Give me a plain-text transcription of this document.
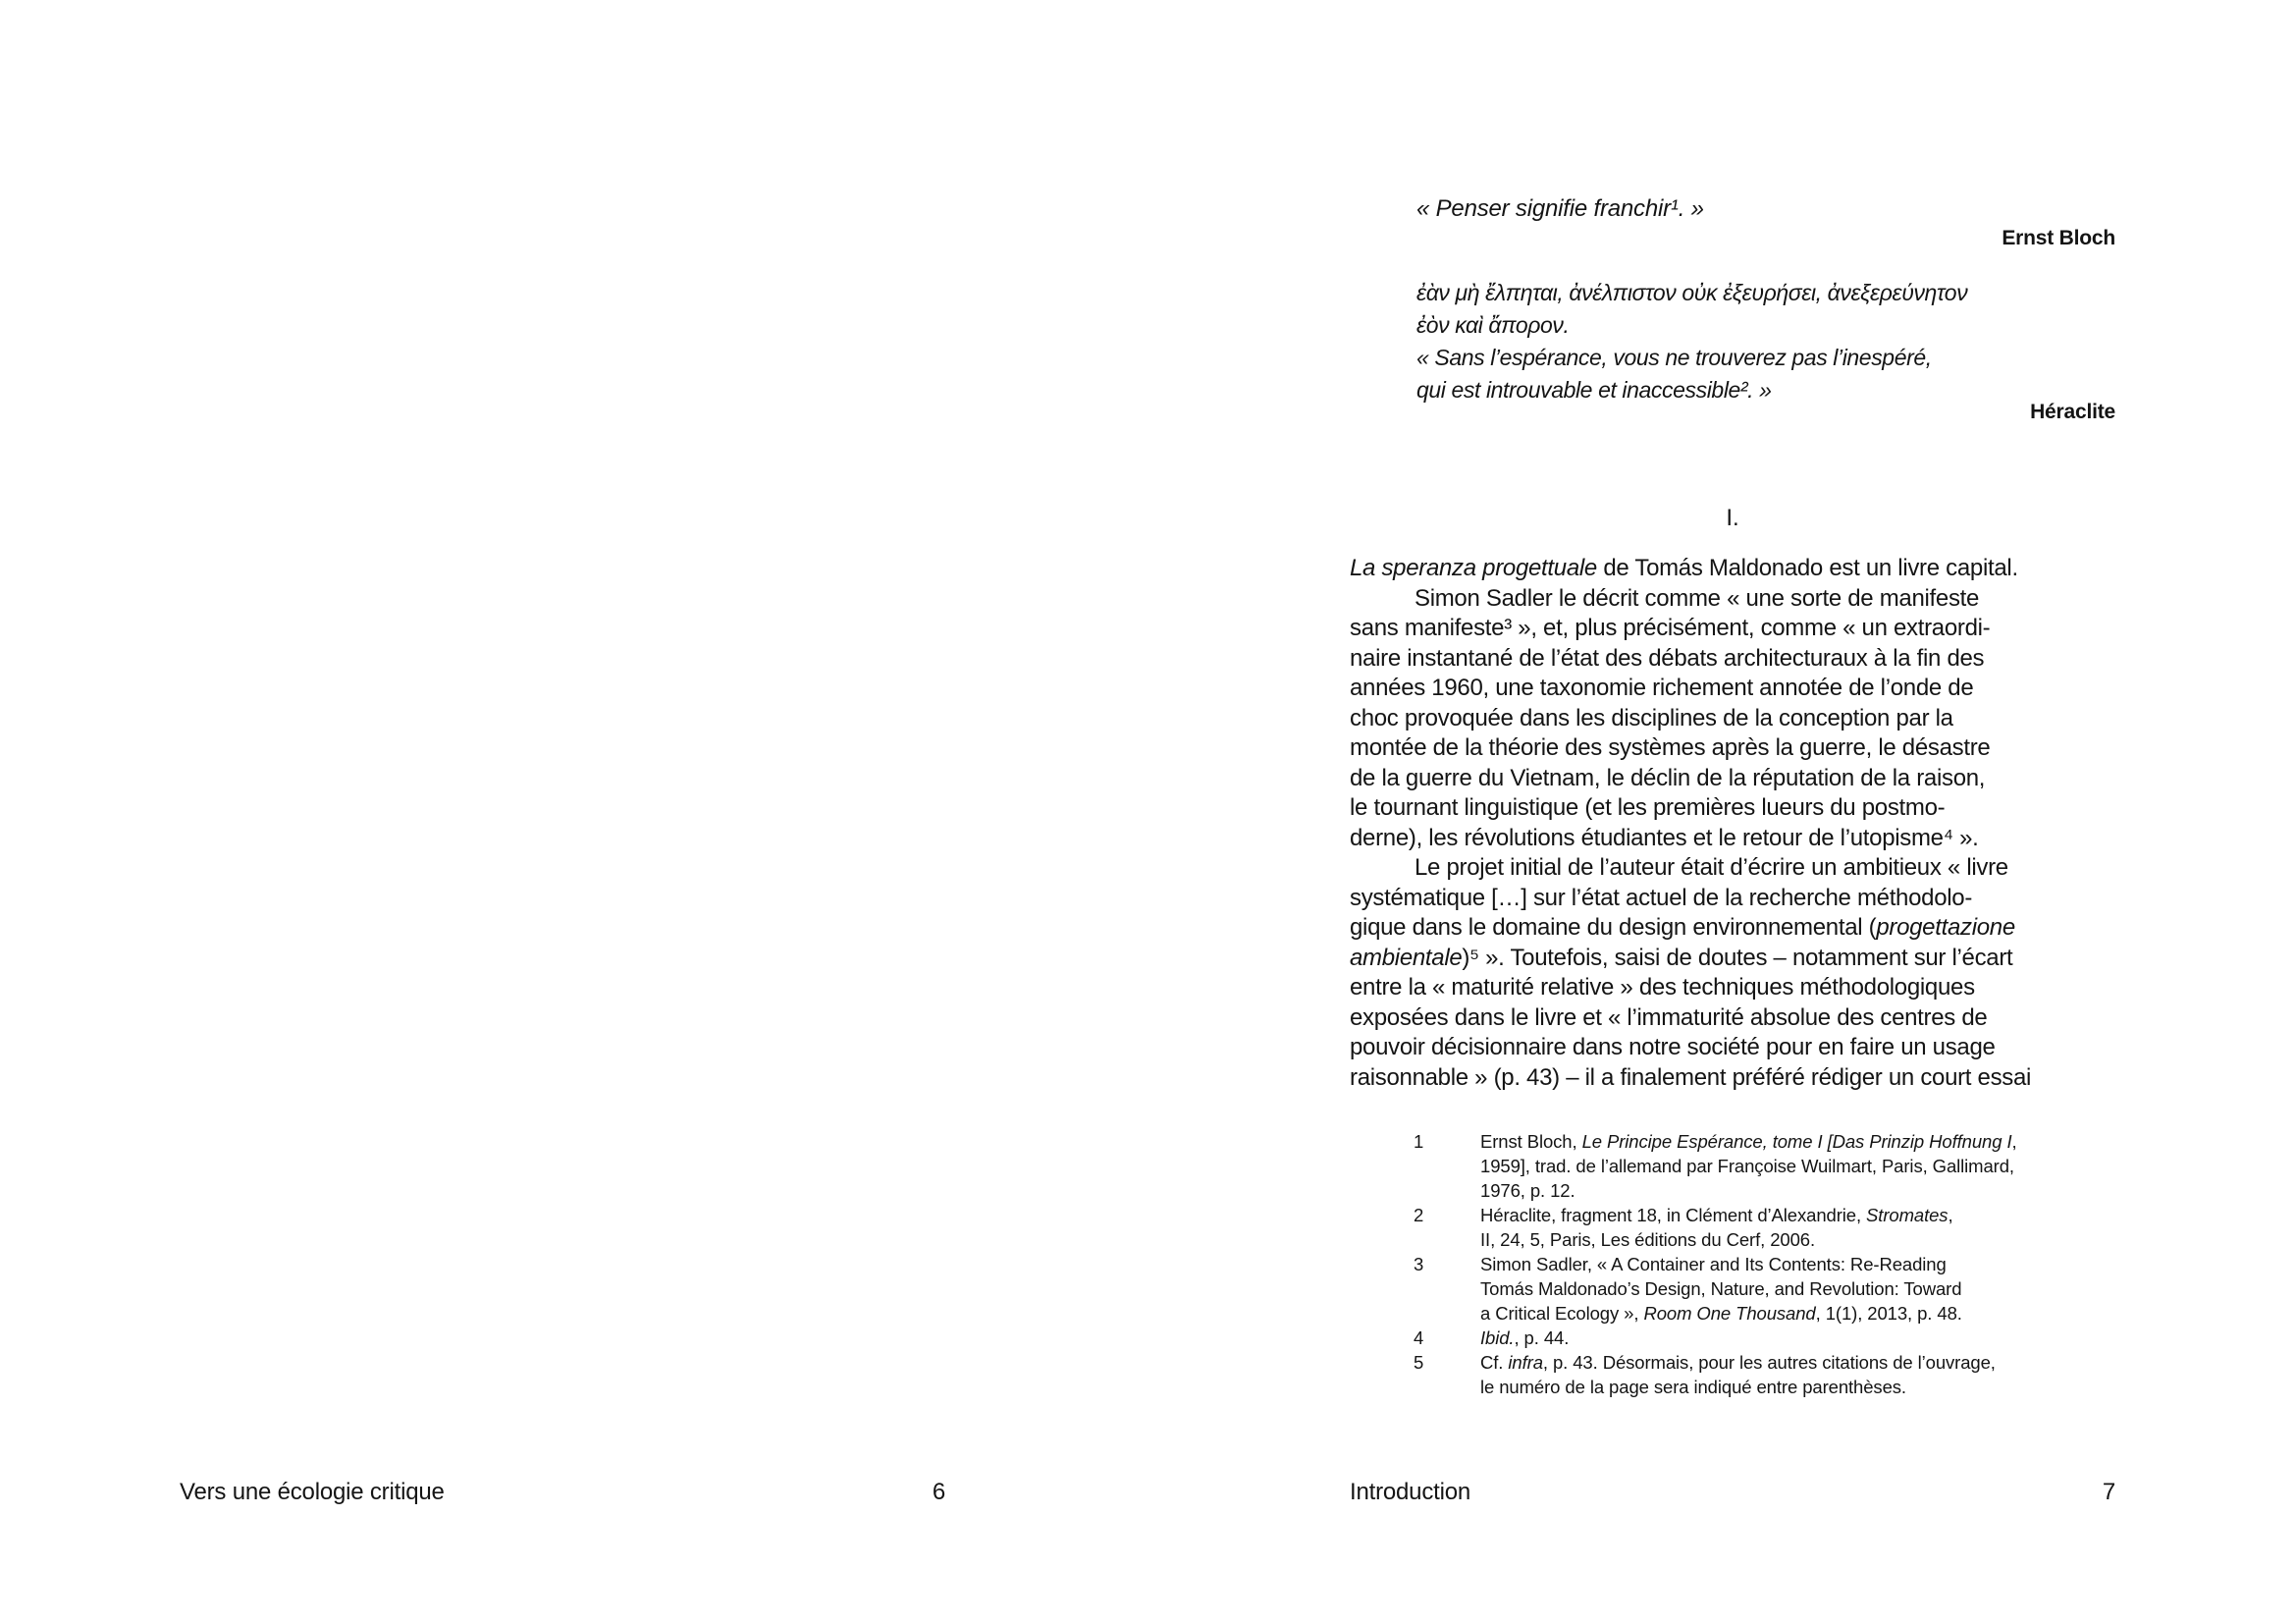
Vers une écologie critique	6
« Penser signifie franchir¹. »
Ernst Bloch
ἐὰν μὴ ἔλπηται, ἀνέλπιστον οὐκ ἐξευρήσει, ἀνεξερεύνητον
ἐὸν καὶ ἄπορον.
« Sans l’espérance, vous ne trouverez pas l’inespéré,
qui est introuvable et inaccessible². »
Héraclite
I.
La speranza progettuale de Tomás Maldonado est un livre capital.
Simon Sadler le décrit comme « une sorte de manifeste
sans manifeste³ », et, plus précisément, comme « un extraordi-
naire instantané de l’état des débats architecturaux à la fin des
années 1960, une taxonomie richement annotée de l’onde de
choc provoquée dans les disciplines de la conception par la
montée de la théorie des systèmes après la guerre, le désastre
de la guerre du Vietnam, le déclin de la réputation de la raison,
le tournant linguistique (et les premières lueurs du postmo-
derne), les révolutions étudiantes et le retour de l’utopisme⁴ ».
Le projet initial de l’auteur était d’écrire un ambitieux « livre
systématique […] sur l’état actuel de la recherche méthodolo-
gique dans le domaine du design environnemental (progettazione
ambientale)⁵ ». Toutefois, saisi de doutes – notamment sur l’écart
entre la « maturité relative » des techniques méthodologiques
exposées dans le livre et « l’immaturité absolue des centres de
pouvoir décisionnaire dans notre société pour en faire un usage
raisonnable » (p. 43) – il a finalement préféré rédiger un court essai
1	Ernst Bloch, Le Principe Espérance, tome I [Das Prinzip Hoffnung I,
1959], trad. de l’allemand par Françoise Wuilmart, Paris, Gallimard,
1976, p. 12.
2	Héraclite, fragment 18, in Clément d’Alexandrie, Stromates,
II, 24, 5, Paris, Les éditions du Cerf, 2006.
3	Simon Sadler, « A Container and Its Contents: Re-Reading
Tomás Maldonado’s Design, Nature, and Revolution: Toward
a Critical Ecology », Room One Thousand, 1(1), 2013, p. 48.
4	Ibid., p. 44.
5	Cf. infra, p. 43. Désormais, pour les autres citations de l’ouvrage,
le numéro de la page sera indiqué entre parenthèses.
Introduction	7
